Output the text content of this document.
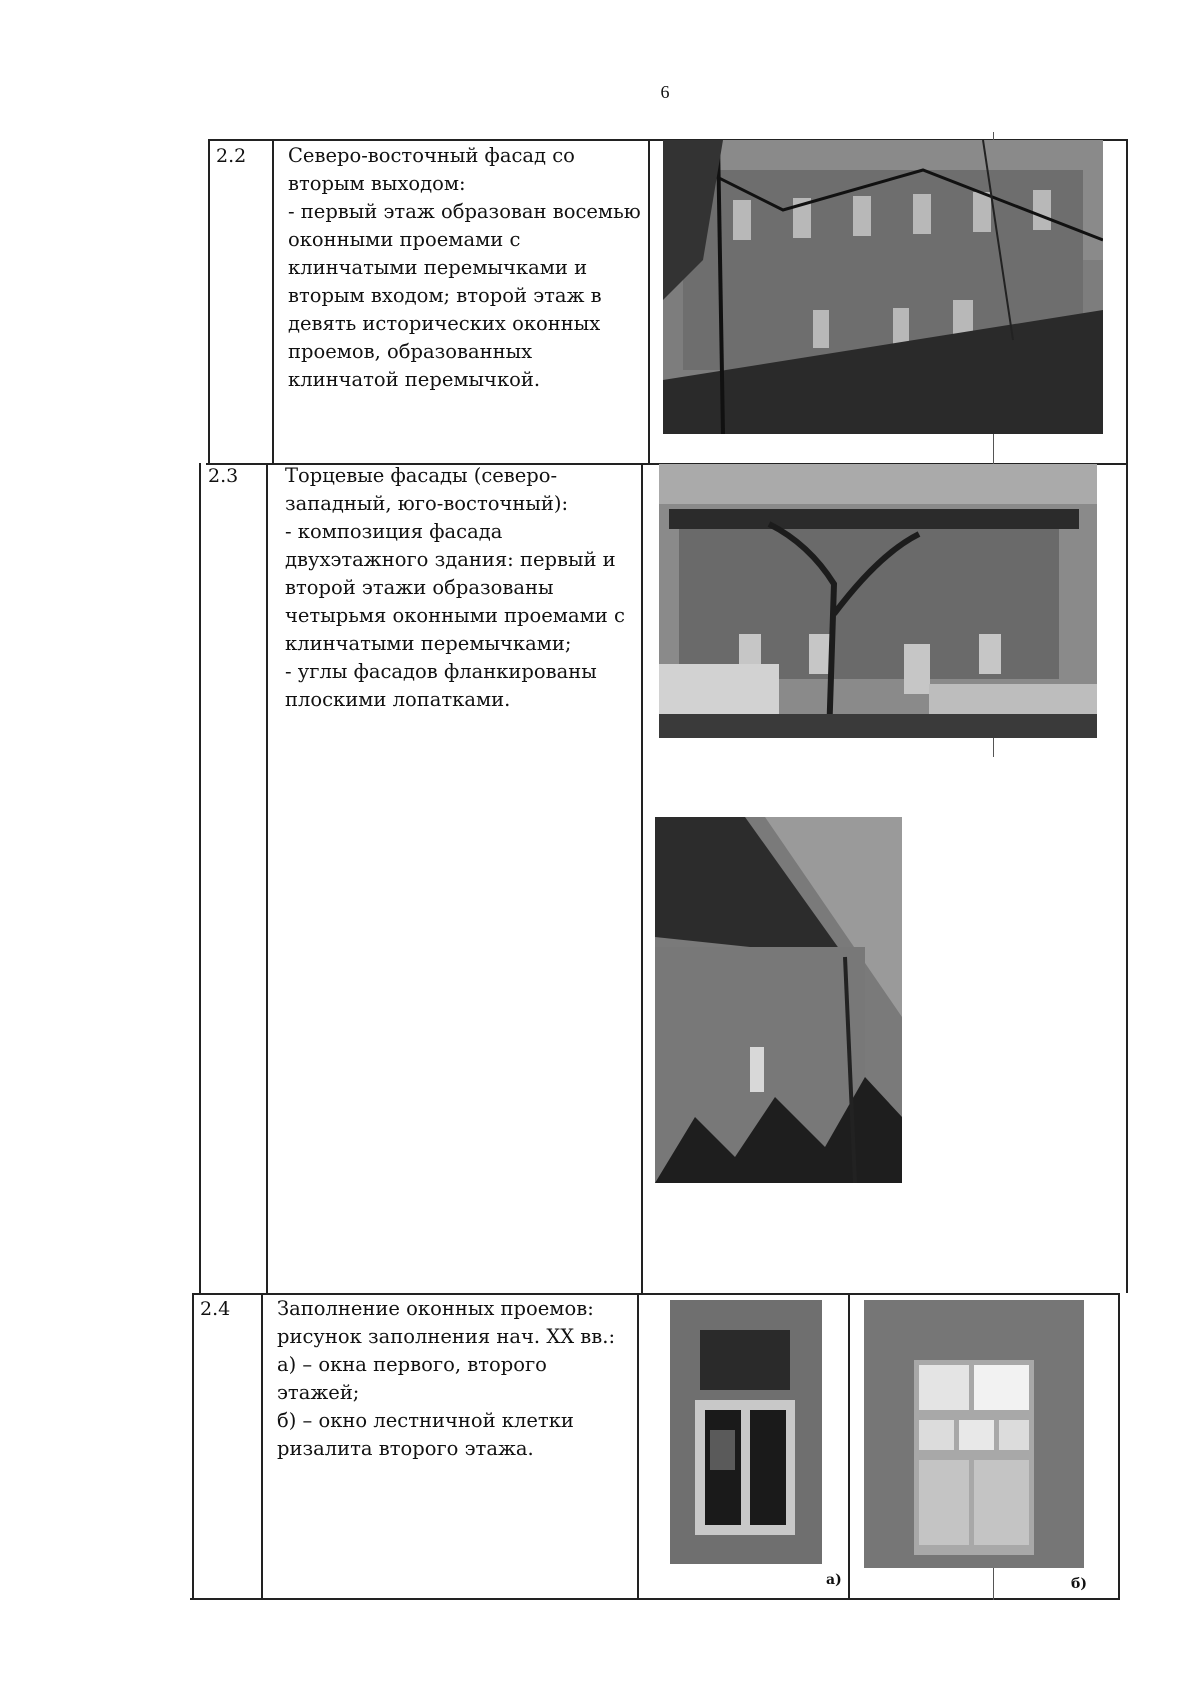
6
2.2 Северо-восточный фасад со
вторым выходом:
- первый этаж образован восемью
оконными проемами с
клинчатыми перемычками и
вторым входом; второй этаж в
девять исторических оконных
проемов, образованных
клинчатой перемычкой.
2.3 Торцевые фасады (северо-
западный, юго-восточный):
- композиция фасада
двухэтажного здания: первый и
второй этажи образованы
четырьмя оконными проемами с
клинчатыми перемычками;
- углы фасадов фланкированы
плоскими лопатками.
2.4 Заполнение оконных проемов:
рисунок заполнения нач. XX вв.:
а) – окна первого, второго
этажей;
б) – окно лестничной клетки
ризалита второго этажа.
а)	б)
